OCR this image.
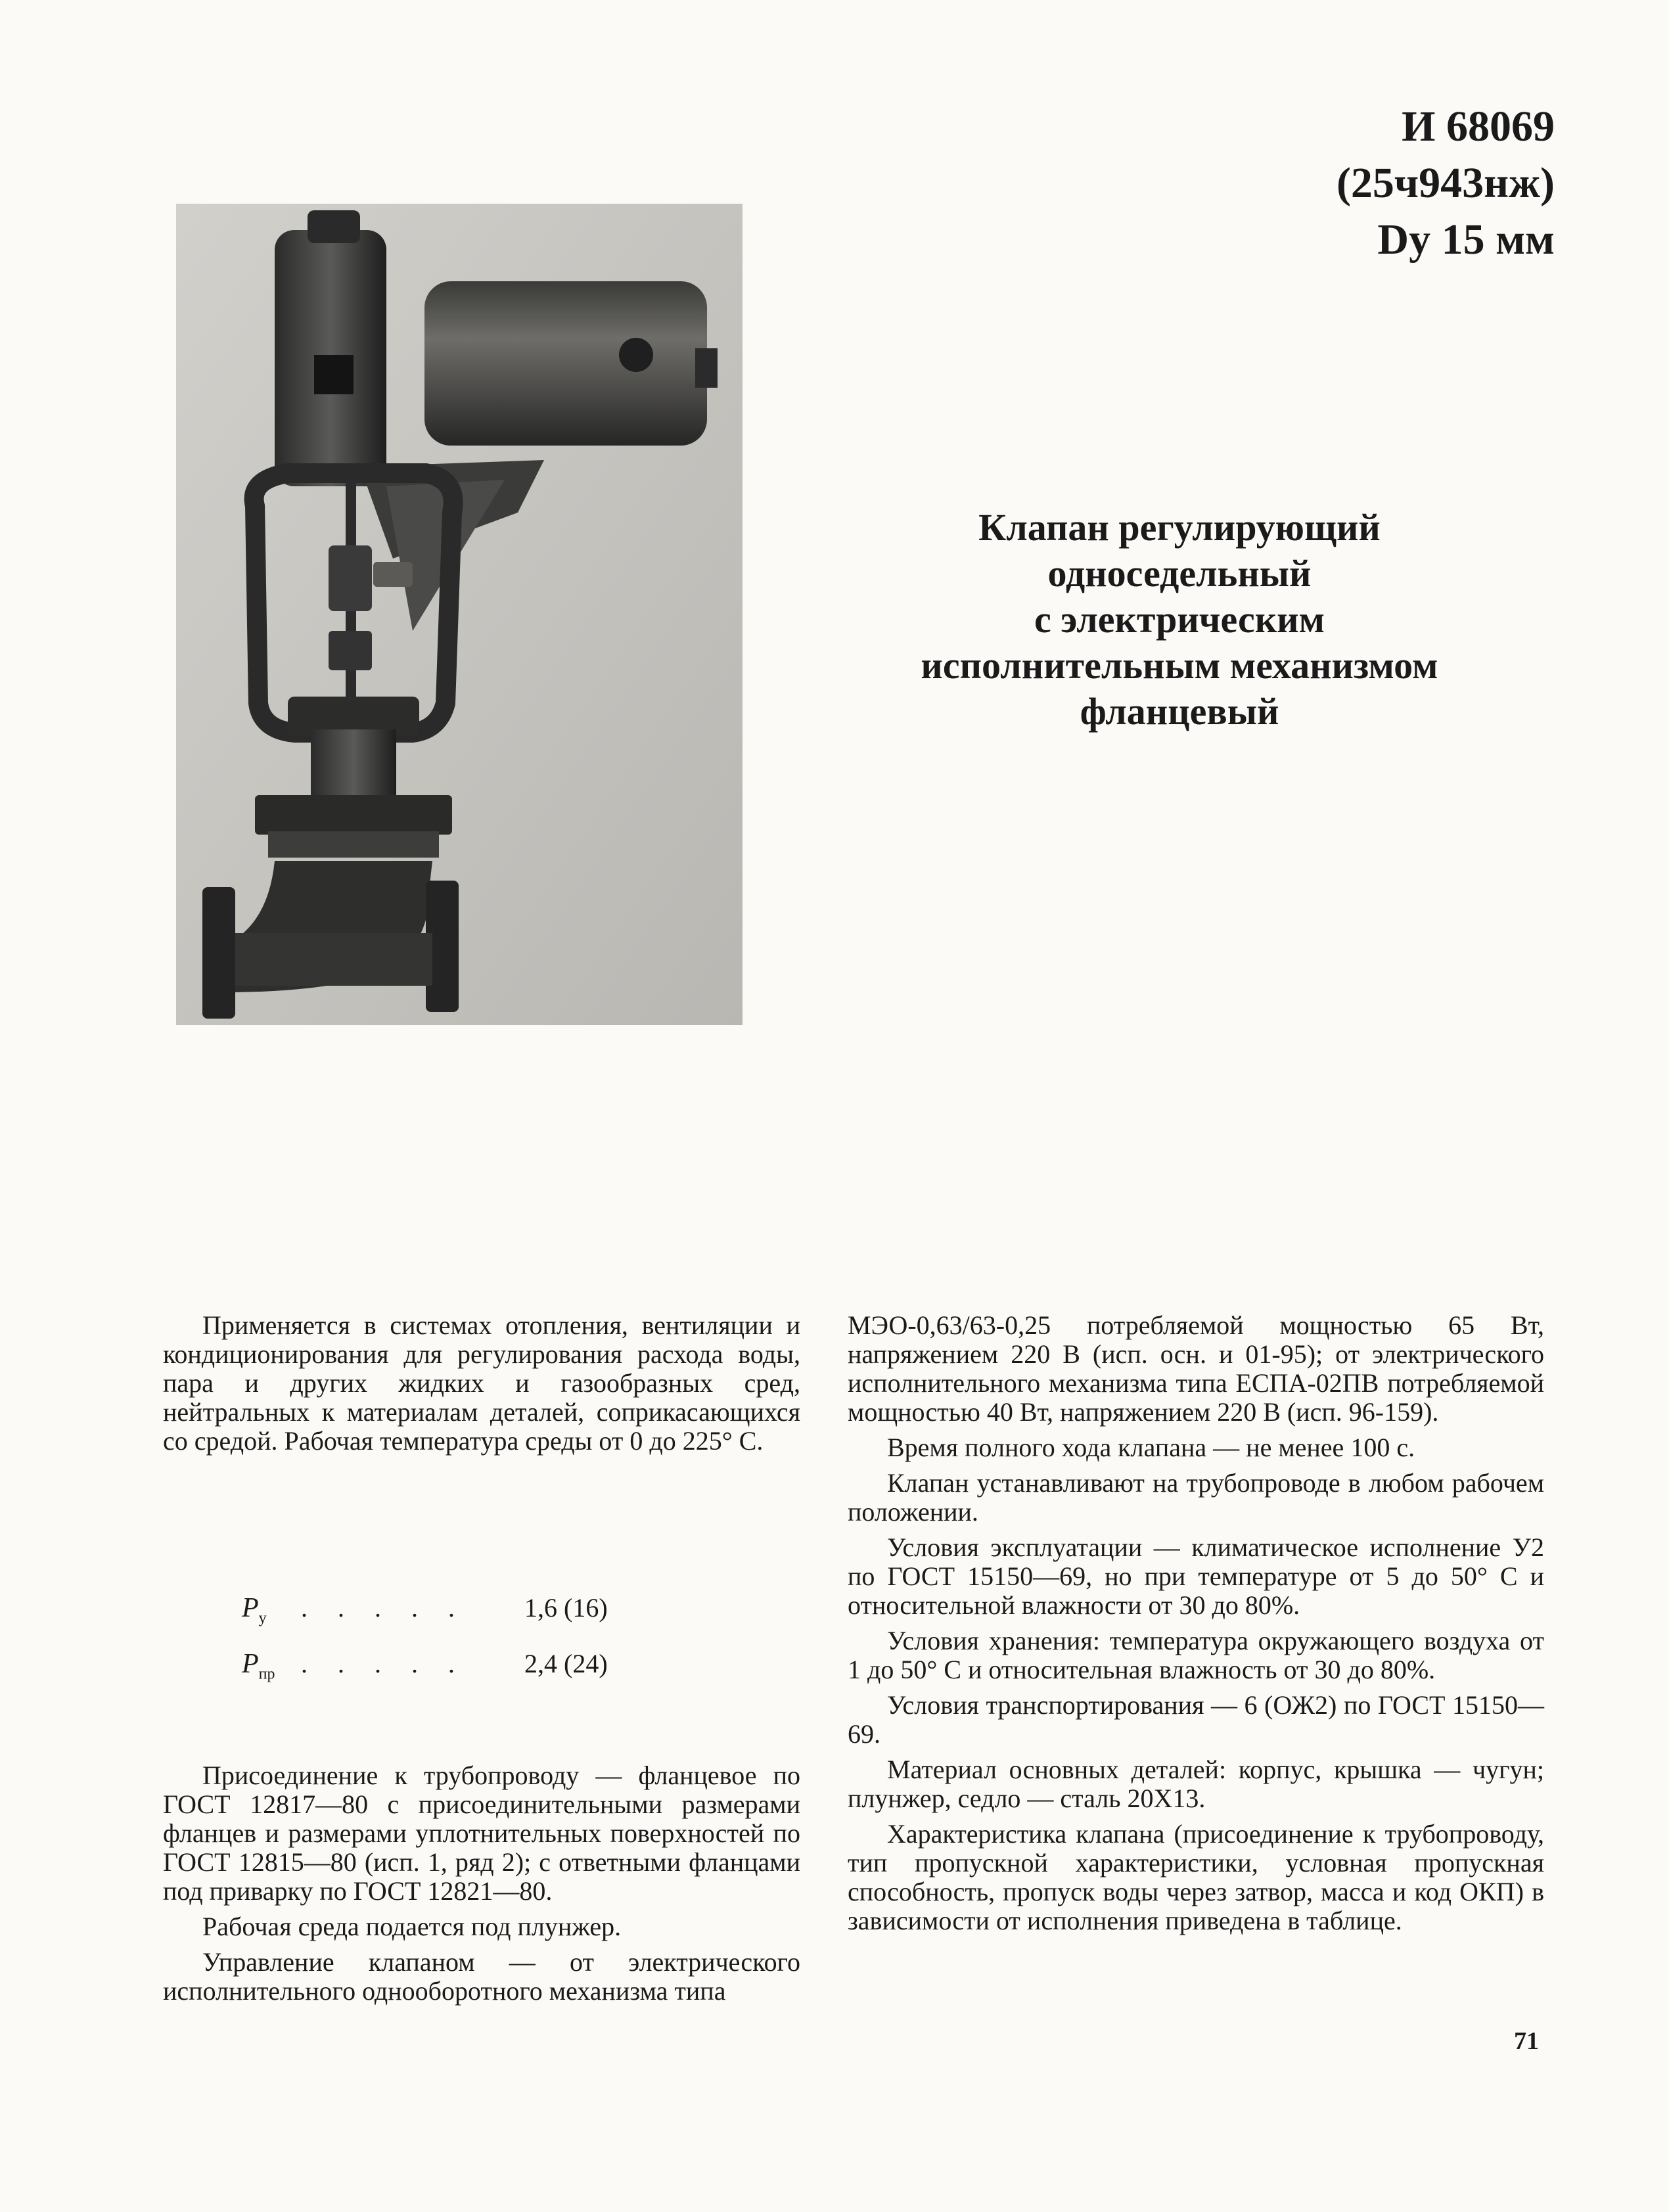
И 68069
(25ч943нж)
Dy 15 мм
Клапан регулирующий
односедельный
с электрическим
исполнительным механизмом
фланцевый

Применяется в системах отопления, вентиляции и кондиционирования для регулирования расхода воды, пара и других жидких и газообразных сред, нейтральных к материалам деталей, соприкасающихся со средой. Рабочая температура среды от 0 до 225° С.

$P_у$	. . . . .	1,6 (16)
$P_{пр}$ . . . . .	2,4 (24)

Присоединение к трубопроводу — фланцевое по ГОСТ 12817—80 с присоединительными размерами фланцев и размерами уплотнительных поверхностей по ГОСТ 12815—80 (исп. 1, ряд 2); с ответными фланцами под приварку по ГОСТ 12821—80.

Рабочая среда подается под плунжер.

Управление клапаном — от электрического исполнительного однооборотного механизма типа

МЭО-0,63/63-0,25 потребляемой мощностью 65 Вт, напряжением 220 В (исп. осн. и 01-95); от электрического исполнительного механизма типа ЕСПА-02ПВ потребляемой мощностью 40 Вт, напряжением 220 В (исп. 96-159).

Время полного хода клапана — не менее 100 с.

Клапан устанавливают на трубопроводе в любом рабочем положении.

Условия эксплуатации — климатическое исполнение У2 по ГОСТ 15150—69, но при температуре от 5 до 50° С и относительной влажности от 30 до 80%.

Условия хранения: температура окружающего воздуха от 1 до 50° С и относительная влажность от 30 до 80%.

Условия транспортирования — 6 (ОЖ2) по ГОСТ 15150—69.

Материал основных деталей: корпус, крышка — чугун; плунжер, седло — сталь 20Х13.

Характеристика клапана (присоединение к трубопроводу, тип пропускной характеристики, условная пропускная способность, пропуск воды через затвор, масса и код ОКП) в зависимости от исполнения приведена в таблице.

71
